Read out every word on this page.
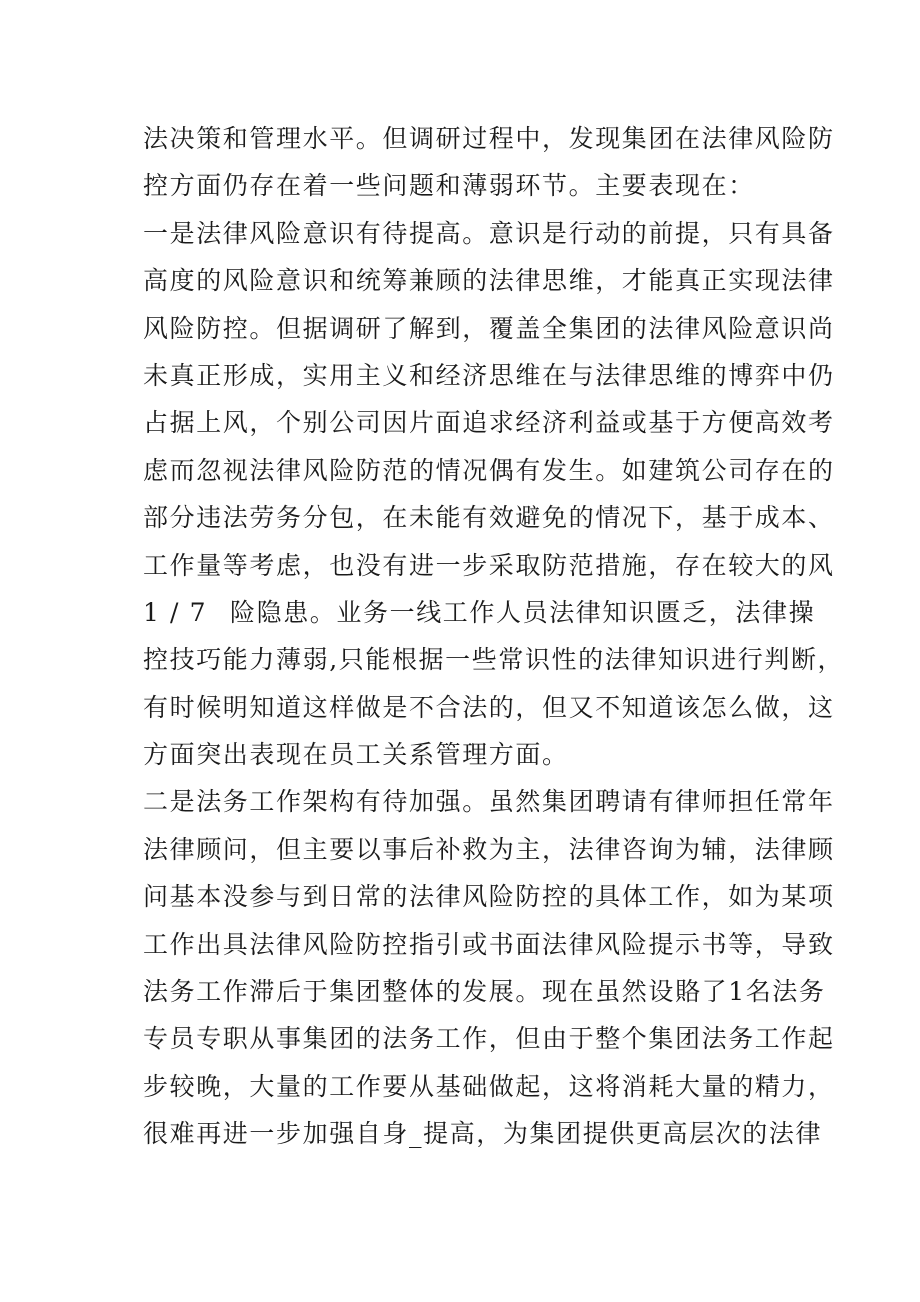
法决策和管理水平。但调研过程中，发现集团在法律风险防
控方面仍存在着一些问题和薄弱环节。主要表现在：
一是法律风险意识有待提高。意识是行动的前提，只有具备
高度的风险意识和统筹兼顾的法律思维，才能真正实现法律
风险防控。但据调研了解到，覆盖全集团的法律风险意识尚
未真正形成，实用主义和经济思维在与法律思维的博弈中仍
占据上风，个别公司因片面追求经济利益或基于方便高效考
虑而忽视法律风险防范的情况偶有发生。如建筑公司存在的
部分违法劳务分包，在未能有效避免的情况下，基于成本、
工作量等考虑，也没有进一步采取防范措施，存在较大的风
1 / 7 险隐患。业务一线工作人员法律知识匮乏，法律操
控技巧能力薄弱,只能根据一些常识性的法律知识进行判断，
有时候明知道这样做是不合法的，但又不知道该怎么做，这
方面突出表现在员工关系管理方面。
二是法务工作架构有待加强。虽然集团聘请有律师担任常年
法律顾问，但主要以事后补救为主，法律咨询为辅，法律顾
问基本没参与到日常的法律风险防控的具体工作，如为某项
工作出具法律风险防控指引或书面法律风险提示书等，导致
法务工作滞后于集团整体的发展。现在虽然设賂了1名法务
专员专职从事集团的法务工作，但由于整个集团法务工作起
步较晚，大量的工作要从基础做起，这将消耗大量的精力，
很难再进一步加强自身_提高，为集团提供更高层次的法律
